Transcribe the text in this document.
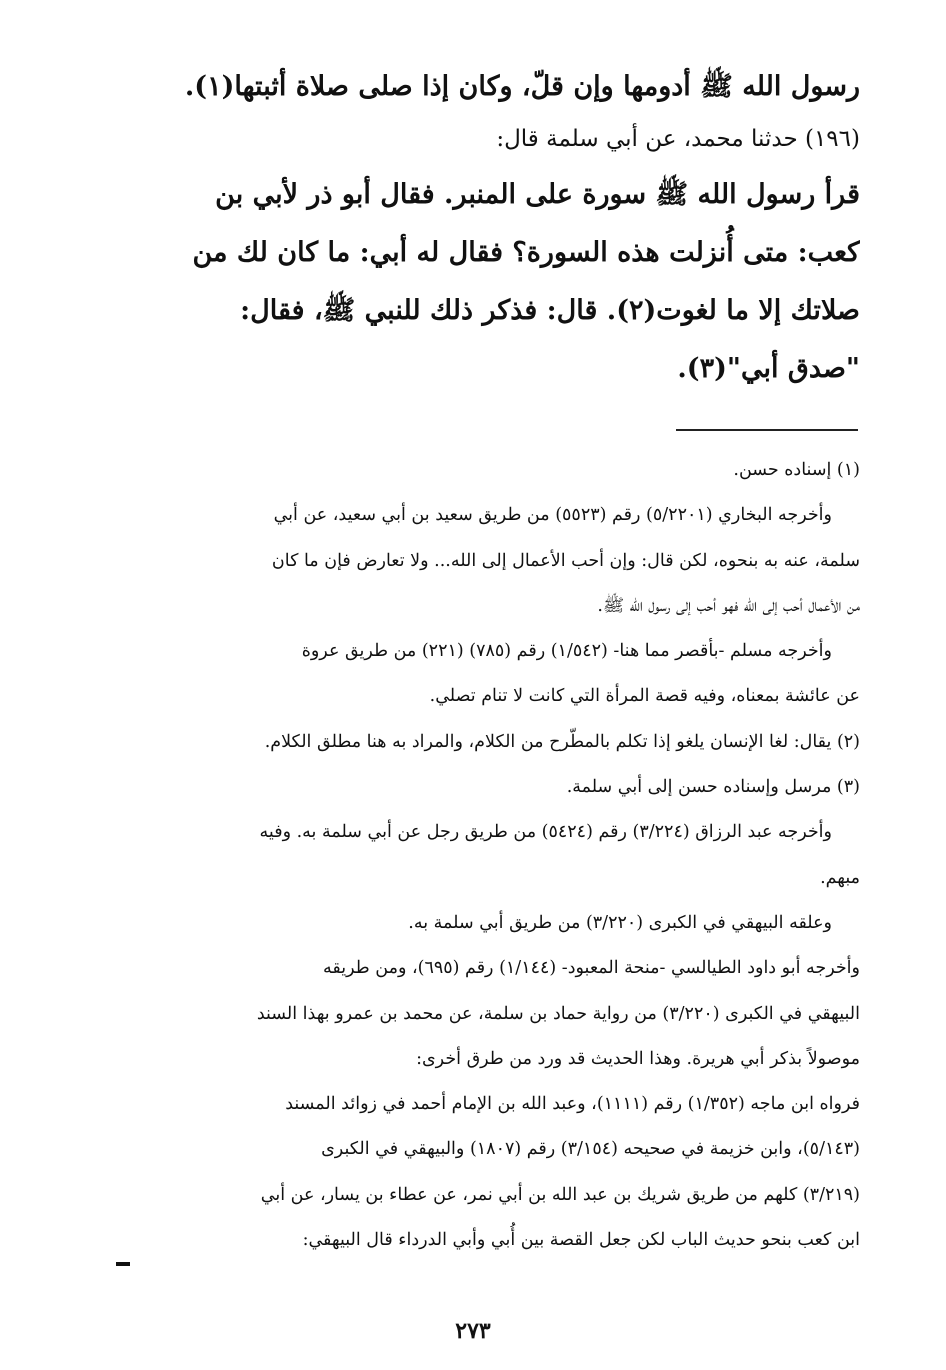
رسول الله ﷺ أدومها وإن قلّ، وكان إذا صلى صلاة أثبتها(١).
(١٩٦) حدثنا محمد، عن أبي سلمة قال:
قرأ رسول الله ﷺ سورة على المنبر. فقال أبو ذر لأبي بن
كعب: متى أُنزلت هذه السورة؟ فقال له أبي: ما كان لك من
صلاتك إلا ما لغوت(٢). قال: فذكر ذلك للنبي ﷺ، فقال:
"صدق أبي"(٣).
(١) إسناده حسن.
وأخرجه البخاري (٥/٢٢٠١) رقم (٥٥٢٣) من طريق سعيد بن أبي سعيد، عن أبي
سلمة، عنه به بنحوه، لكن قال: وإن أحب الأعمال إلى الله... ولا تعارض فإن ما كان
من الأعمال أحب إلى الله فهو أحب إلى رسول الله ﷺ.
وأخرجه مسلم -بأقصر مما هنا- (١/٥٤٢) رقم (٧٨٥) (٢٢١) من طريق عروة
عن عائشة بمعناه، وفيه قصة المرأة التي كانت لا تنام تصلي.
(٢) يقال: لغا الإنسان يلغو إذا تكلم بالمطّرح من الكلام، والمراد به هنا مطلق الكلام.
(٣) مرسل وإسناده حسن إلى أبي سلمة.
وأخرجه عبد الرزاق (٣/٢٢٤) رقم (٥٤٢٤) من طريق رجل عن أبي سلمة به. وفيه
مبهم.
وعلقه البيهقي في الكبرى (٣/٢٢٠) من طريق أبي سلمة به.
وأخرجه أبو داود الطيالسي -منحة المعبود- (١/١٤٤) رقم (٦٩٥)، ومن طريقه
البيهقي في الكبرى (٣/٢٢٠) من رواية حماد بن سلمة، عن محمد بن عمرو بهذا السند
موصولاً بذكر أبي هريرة. وهذا الحديث قد ورد من طرق أخرى:
فرواه ابن ماجه (١/٣٥٢) رقم (١١١١)، وعبد الله بن الإمام أحمد في زوائد المسند
(٥/١٤٣)، وابن خزيمة في صحيحه (٣/١٥٤) رقم (١٨٠٧) والبيهقي في الكبرى
(٣/٢١٩) كلهم من طريق شريك بن عبد الله بن أبي نمر، عن عطاء بن يسار، عن أبي
ابن كعب بنحو حديث الباب لكن جعل القصة بين أُبي وأبي الدرداء قال البيهقي:
٢٧٣
